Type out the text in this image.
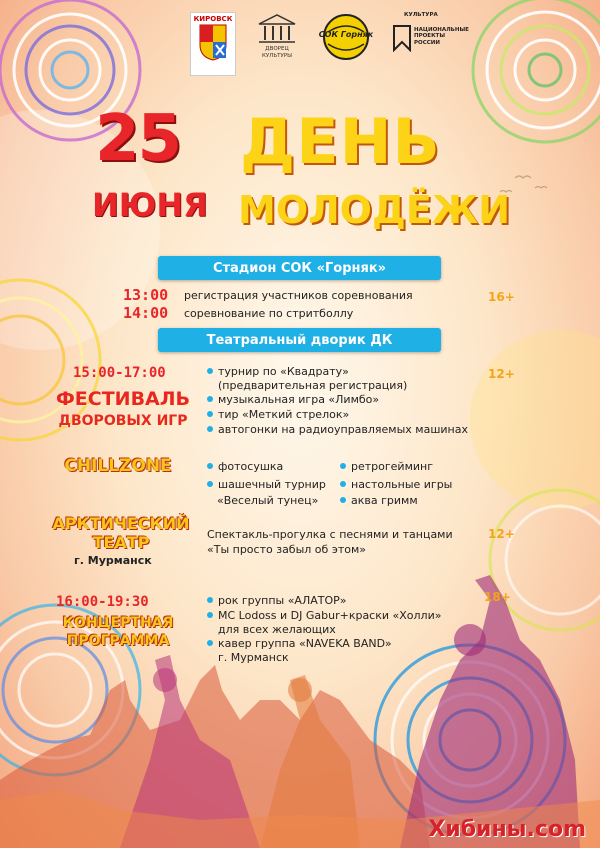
КИРОВСК
ДВОРЕЦ КУЛЬТУРЫ
СОК Горняк
КУЛЬТУРА
НАЦИОНАЛЬНЫЕ ПРОЕКТЫ РОССИИ
25
ИЮНЯ
ДЕНЬ
МОЛОДЁЖИ
Стадион СОК «Горняк»
13:00 регистрация участников соревнования
14:00 соревнование по стритболлу
16+
Театральный дворик ДК
15:00-17:00
ФЕСТИВАЛЬ
ДВОРОВЫХ ИГР
12+
турнир по «Квадрату»
(предварительная регистрация)
музыкальная игра «Лимбо»
тир «Меткий стрелок»
автогонки на радиоуправляемых машинах
CHILLZONE	фотосушка
шашечный турнир
«Веселый тунец»
ретрогейминг
настольные игры
аква гримм
АРКТИЧЕСКИЙ
ТЕАТР
г. Мурманск
Спектакль-прогулка с песнями и танцами
«Ты просто забыл об этом»
12+
16:00-19:30
КОНЦЕРТНАЯ
ПРОГРАММА
18+
рок группы «АЛАТОР»
MC Lodoss и DJ Gabur+краски «Холли»
для всех желающих
кавер группа «NAVEKA BAND»
г. Мурманск
Хибины.com
